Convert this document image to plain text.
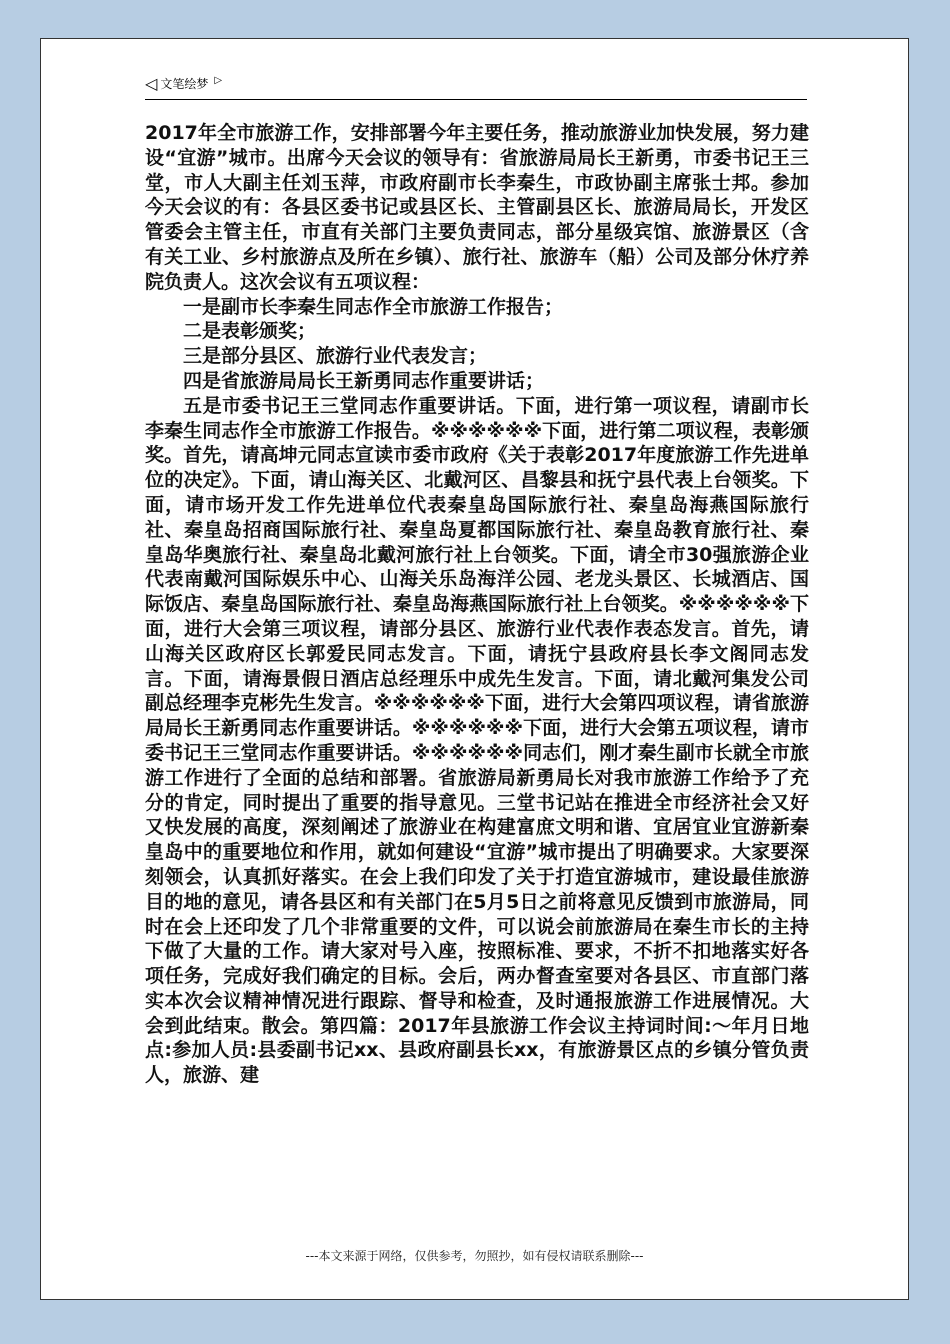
◁ 文笔绘梦 ▷

2017年全市旅游工作，安排部署今年主要任务，推动旅游业加快发展，努力建设“宜游”城市。出席今天会议的领导有：省旅游局局长王新勇，市委书记王三堂，市人大副主任刘玉萍，市政府副市长李秦生，市政协副主席张士邦。参加今天会议的有：各县区委书记或县区长、主管副县区长、旅游局局长，开发区管委会主管主任，市直有关部门主要负责同志，部分星级宾馆、旅游景区（含有关工业、乡村旅游点及所在乡镇）、旅行社、旅游车（船）公司及部分休疗养院负责人。这次会议有五项议程：

一是副市长李秦生同志作全市旅游工作报告；

二是表彰颁奖；

三是部分县区、旅游行业代表发言；

四是省旅游局局长王新勇同志作重要讲话；

五是市委书记王三堂同志作重要讲话。下面，进行第一项议程，请副市长李秦生同志作全市旅游工作报告。※※※※※※下面，进行第二项议程，表彰颁奖。首先，请高坤元同志宣读市委市政府《关于表彰2017年度旅游工作先进单位的决定》。下面，请山海关区、北戴河区、昌黎县和抚宁县代表上台领奖。下面，请市场开发工作先进单位代表秦皇岛国际旅行社、秦皇岛海燕国际旅行社、秦皇岛招商国际旅行社、秦皇岛夏都国际旅行社、秦皇岛教育旅行社、秦皇岛华奥旅行社、秦皇岛北戴河旅行社上台领奖。下面，请全市30强旅游企业代表南戴河国际娱乐中心、山海关乐岛海洋公园、老龙头景区、长城酒店、国际饭店、秦皇岛国际旅行社、秦皇岛海燕国际旅行社上台领奖。※※※※※※下面，进行大会第三项议程，请部分县区、旅游行业代表作表态发言。首先，请山海关区政府区长郭爱民同志发言。下面，请抚宁县政府县长李文阁同志发言。下面，请海景假日酒店总经理乐中成先生发言。下面，请北戴河集发公司副总经理李克彬先生发言。※※※※※※下面，进行大会第四项议程，请省旅游局局长王新勇同志作重要讲话。※※※※※※下面，进行大会第五项议程，请市委书记王三堂同志作重要讲话。※※※※※※同志们，刚才秦生副市长就全市旅游工作进行了全面的总结和部署。省旅游局新勇局长对我市旅游工作给予了充分的肯定，同时提出了重要的指导意见。三堂书记站在推进全市经济社会又好又快发展的高度，深刻阐述了旅游业在构建富庶文明和谐、宜居宜业宜游新秦皇岛中的重要地位和作用，就如何建设“宜游”城市提出了明确要求。大家要深刻领会，认真抓好落实。在会上我们印发了关于打造宜游城市，建设最佳旅游目的地的意见，请各县区和有关部门在5月5日之前将意见反馈到市旅游局，同时在会上还印发了几个非常重要的文件，可以说会前旅游局在秦生市长的主持下做了大量的工作。请大家对号入座，按照标准、要求，不折不扣地落实好各项任务，完成好我们确定的目标。会后，两办督查室要对各县区、市直部门落实本次会议精神情况进行跟踪、督导和检查，及时通报旅游工作进展情况。大会到此结束。散会。第四篇：2017年县旅游工作会议主持词时间:～年月日地点:参加人员:县委副书记xx、县政府副县长xx，有旅游景区点的乡镇分管负责人，旅游、建

---本文来源于网络，仅供参考，勿照抄，如有侵权请联系删除---
